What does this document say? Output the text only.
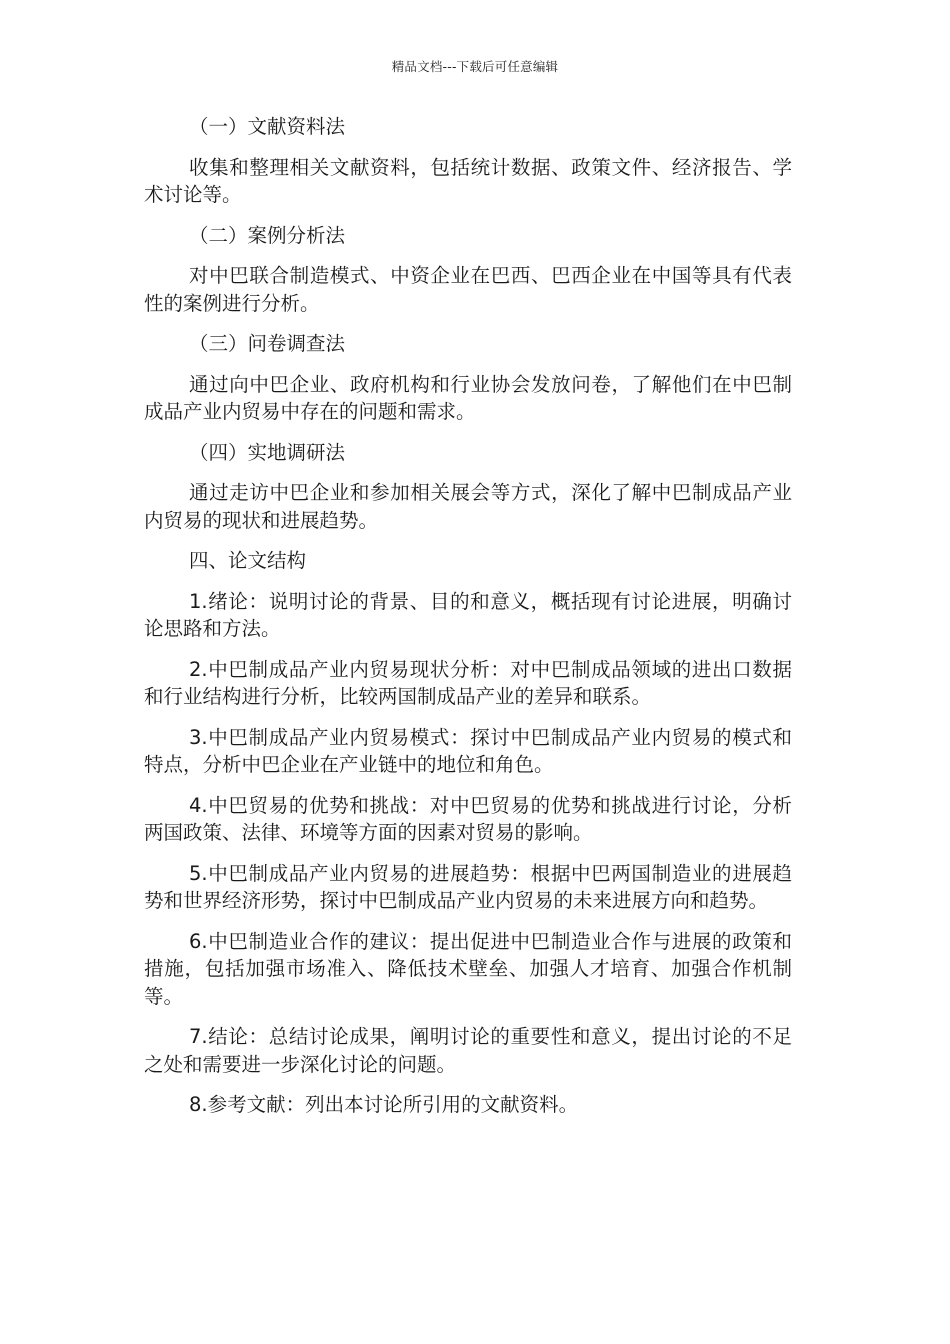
精品文档---下载后可任意编辑

（一）文献资料法

收集和整理相关文献资料，包括统计数据、政策文件、经济报告、学术讨论等。

（二）案例分析法

对中巴联合制造模式、中资企业在巴西、巴西企业在中国等具有代表性的案例进行分析。

（三）问卷调查法

通过向中巴企业、政府机构和行业协会发放问卷，了解他们在中巴制成品产业内贸易中存在的问题和需求。

（四）实地调研法

通过走访中巴企业和参加相关展会等方式，深化了解中巴制成品产业内贸易的现状和进展趋势。

四、论文结构

1.绪论：说明讨论的背景、目的和意义，概括现有讨论进展，明确讨论思路和方法。

2.中巴制成品产业内贸易现状分析：对中巴制成品领域的进出口数据和行业结构进行分析，比较两国制成品产业的差异和联系。

3.中巴制成品产业内贸易模式：探讨中巴制成品产业内贸易的模式和特点，分析中巴企业在产业链中的地位和角色。

4.中巴贸易的优势和挑战：对中巴贸易的优势和挑战进行讨论，分析两国政策、法律、环境等方面的因素对贸易的影响。

5.中巴制成品产业内贸易的进展趋势：根据中巴两国制造业的进展趋势和世界经济形势，探讨中巴制成品产业内贸易的未来进展方向和趋势。

6.中巴制造业合作的建议：提出促进中巴制造业合作与进展的政策和措施，包括加强市场准入、降低技术壁垒、加强人才培育、加强合作机制等。

7.结论：总结讨论成果，阐明讨论的重要性和意义，提出讨论的不足之处和需要进一步深化讨论的问题。

8.参考文献：列出本讨论所引用的文献资料。
